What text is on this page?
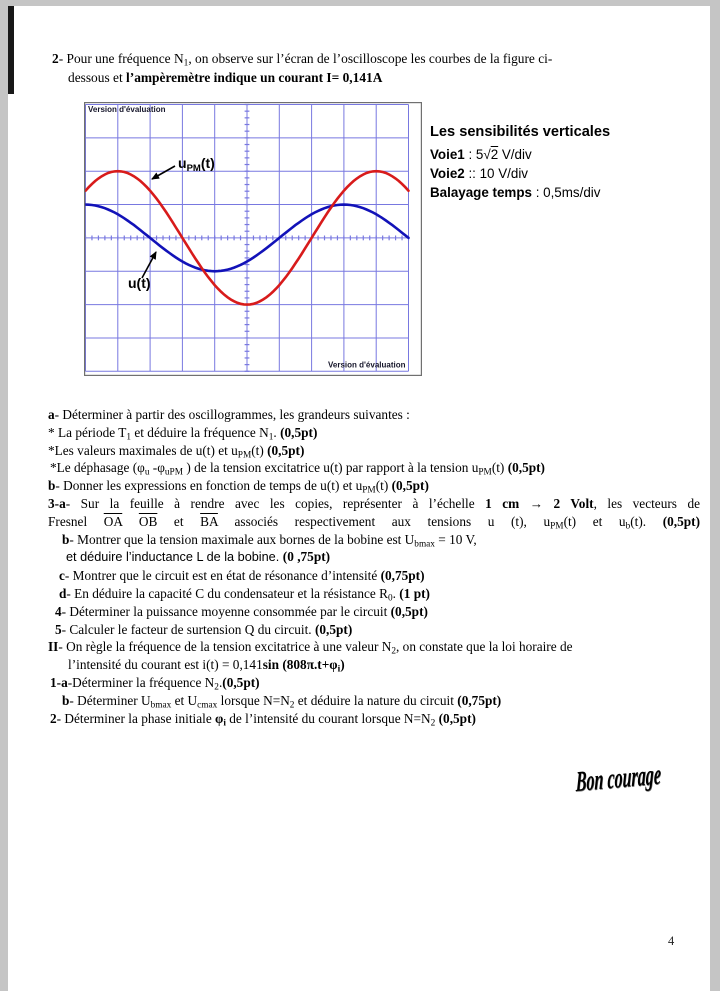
2- Pour une fréquence $N_1$, on observe sur l’écran de l’oscilloscope les courbes de la figure ci-
dessous et l’ampèremètre indique un courant I= 0,141A
Version d'évaluation
Version d'évaluation
$u_{PM}(t)$
u(t)
Les sensibilités verticales
Voie1 : 5√2 V/div
Voie2 :: 10 V/div
Balayage temps : 0,5ms/div
a- Déterminer à partir des oscillogrammes, les grandeurs suivantes :
* La période $T_1$ et déduire la fréquence $N_1$. (0,5pt)
*Les valeurs maximales de u(t) et $u_{PM}(t)$ (0,5pt)
*Le déphasage ($\varphi_u$ $-\varphi_{uPM}$ ) de la tension excitatrice u(t) par rapport à la tension $u_{PM}(t)$ (0,5pt)
b- Donner les expressions en fonction de temps de u(t) et $u_{PM}(t)$ (0,5pt)
3-a- Sur la feuille à rendre avec les copies, représenter à l’échelle 1 cm → 2 Volt, les vecteurs de
Fresnel $\overline{OA}$ $\overline{OB}$ et $\overline{BA}$ associés respectivement aux tensions u (t), $u_{PM}(t)$ et $u_b(t)$. (0,5pt)
b- Montrer que la tension maximale aux bornes de la bobine est $U_{bmax} = 10$ V,
et déduire l’inductance L de la bobine. (0 ,75pt)
c- Montrer que le circuit est en état de résonance d’intensité (0,75pt)
d- En déduire la capacité C du condensateur et la résistance $R_0$. (1 pt)
4- Déterminer la puissance moyenne consommée par le circuit (0,5pt)
5- Calculer le facteur de surtension Q du circuit. (0,5pt)
II- On règle la fréquence de la tension excitatrice à une valeur $N_2$, on constate que la loi horaire de
l’intensité du courant est i(t) = 0,141sin $(808\pi.t+\varphi_i)$
1-a-Déterminer la fréquence $N_2.(0,5pt)$
b- Déterminer $U_{bmax}$ et $U_{cmax}$ lorsque $N=N_2$ et déduire la nature du circuit (0,75pt)
2- Déterminer la phase initiale $\varphi_i$ de l’intensité du courant lorsque $N=N_2$ (0,5pt)
Bon courage
4
